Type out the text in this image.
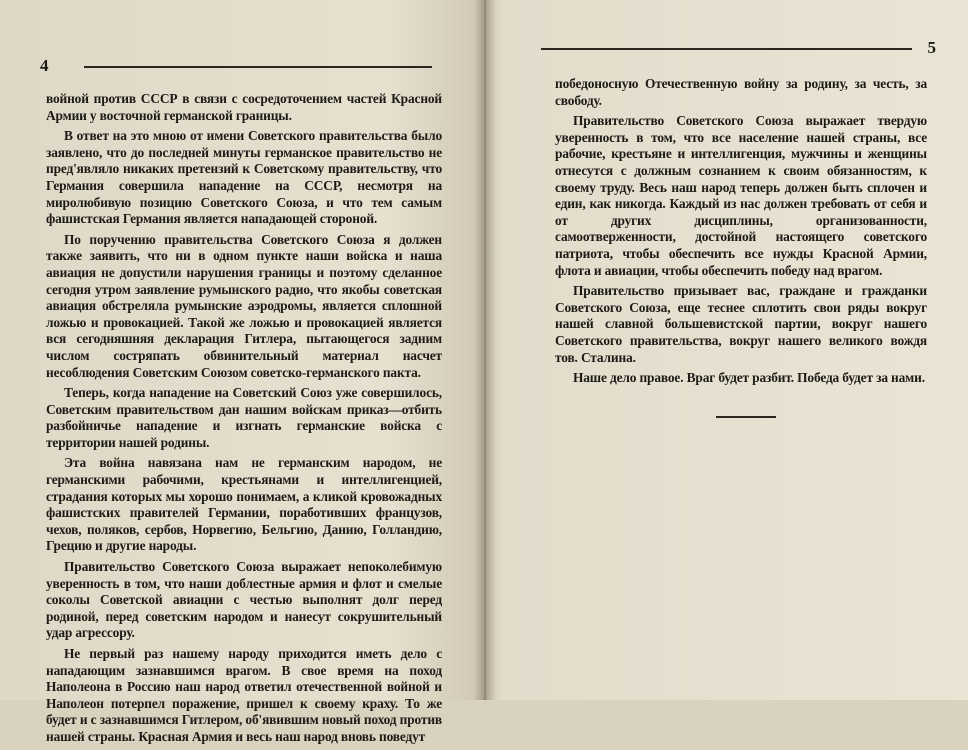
4

войной против СССР в связи с сосредоточением частей Красной Армии у восточной германской границы.

В ответ на это мною от имени Советского правительства было заявлено, что до последней минуты германское правительство не пред'являло никаких претензий к Советскому правительству, что Германия совершила нападение на СССР, несмотря на миролюбивую позицию Советского Союза, и что тем самым фашистская Германия является нападающей стороной.

По поручению правительства Советского Союза я должен также заявить, что ни в одном пункте наши войска и наша авиация не допустили нарушения границы и поэтому сделанное сегодня утром заявление румынского радио, что якобы советская авиация обстреляла румынские аэродромы, является сплошной ложью и провокацией. Такой же ложью и провокацией является вся сегодняшняя декларация Гитлера, пытающегося задним числом состряпать обвинительный материал насчет несоблюдения Советским Союзом советско-германского пакта.

Теперь, когда нападение на Советский Союз уже совершилось, Советским правительством дан нашим войскам приказ—отбить разбойничье нападение и изгнать германские войска с территории нашей родины.

Эта война навязана нам не германским народом, не германскими рабочими, крестьянами и интеллигенцией, страдания которых мы хорошо понимаем, а кликой кровожадных фашистских правителей Германии, поработивших французов, чехов, поляков, сербов, Норвегию, Бельгию, Данию, Голландию, Грецию и другие народы.

Правительство Советского Союза выражает непоколебимую уверенность в том, что наши доблестные армия и флот и смелые соколы Советской авиации с честью выполнят долг перед родиной, перед советским народом и нанесут сокрушительный удар агрессору.

Не первый раз нашему народу приходится иметь дело с нападающим зазнавшимся врагом. В свое время на поход Наполеона в Россию наш народ ответил отечественной войной и Наполеон потерпел поражение, пришел к своему краху. То же будет и с зазнавшимся Гитлером, об'явившим новый поход против нашей страны. Красная Армия и весь наш народ вновь поведут

5

победоносную Отечественную войну за родину, за честь, за свободу.

Правительство Советского Союза выражает твердую уверенность в том, что все население нашей страны, все рабочие, крестьяне и интеллигенция, мужчины и женщины отнесутся с должным сознанием к своим обязанностям, к своему труду. Весь наш народ теперь должен быть сплочен и един, как никогда. Каждый из нас должен требовать от себя и от других дисциплины, организованности, самоотверженности, достойной настоящего советского патриота, чтобы обеспечить все нужды Красной Армии, флота и авиации, чтобы обеспечить победу над врагом.

Правительство призывает вас, граждане и гражданки Советского Союза, еще теснее сплотить свои ряды вокруг нашей славной большевистской партии, вокруг нашего Советского правительства, вокруг нашего великого вождя тов. Сталина.

Наше дело правое. Враг будет разбит. Победа будет за нами.
